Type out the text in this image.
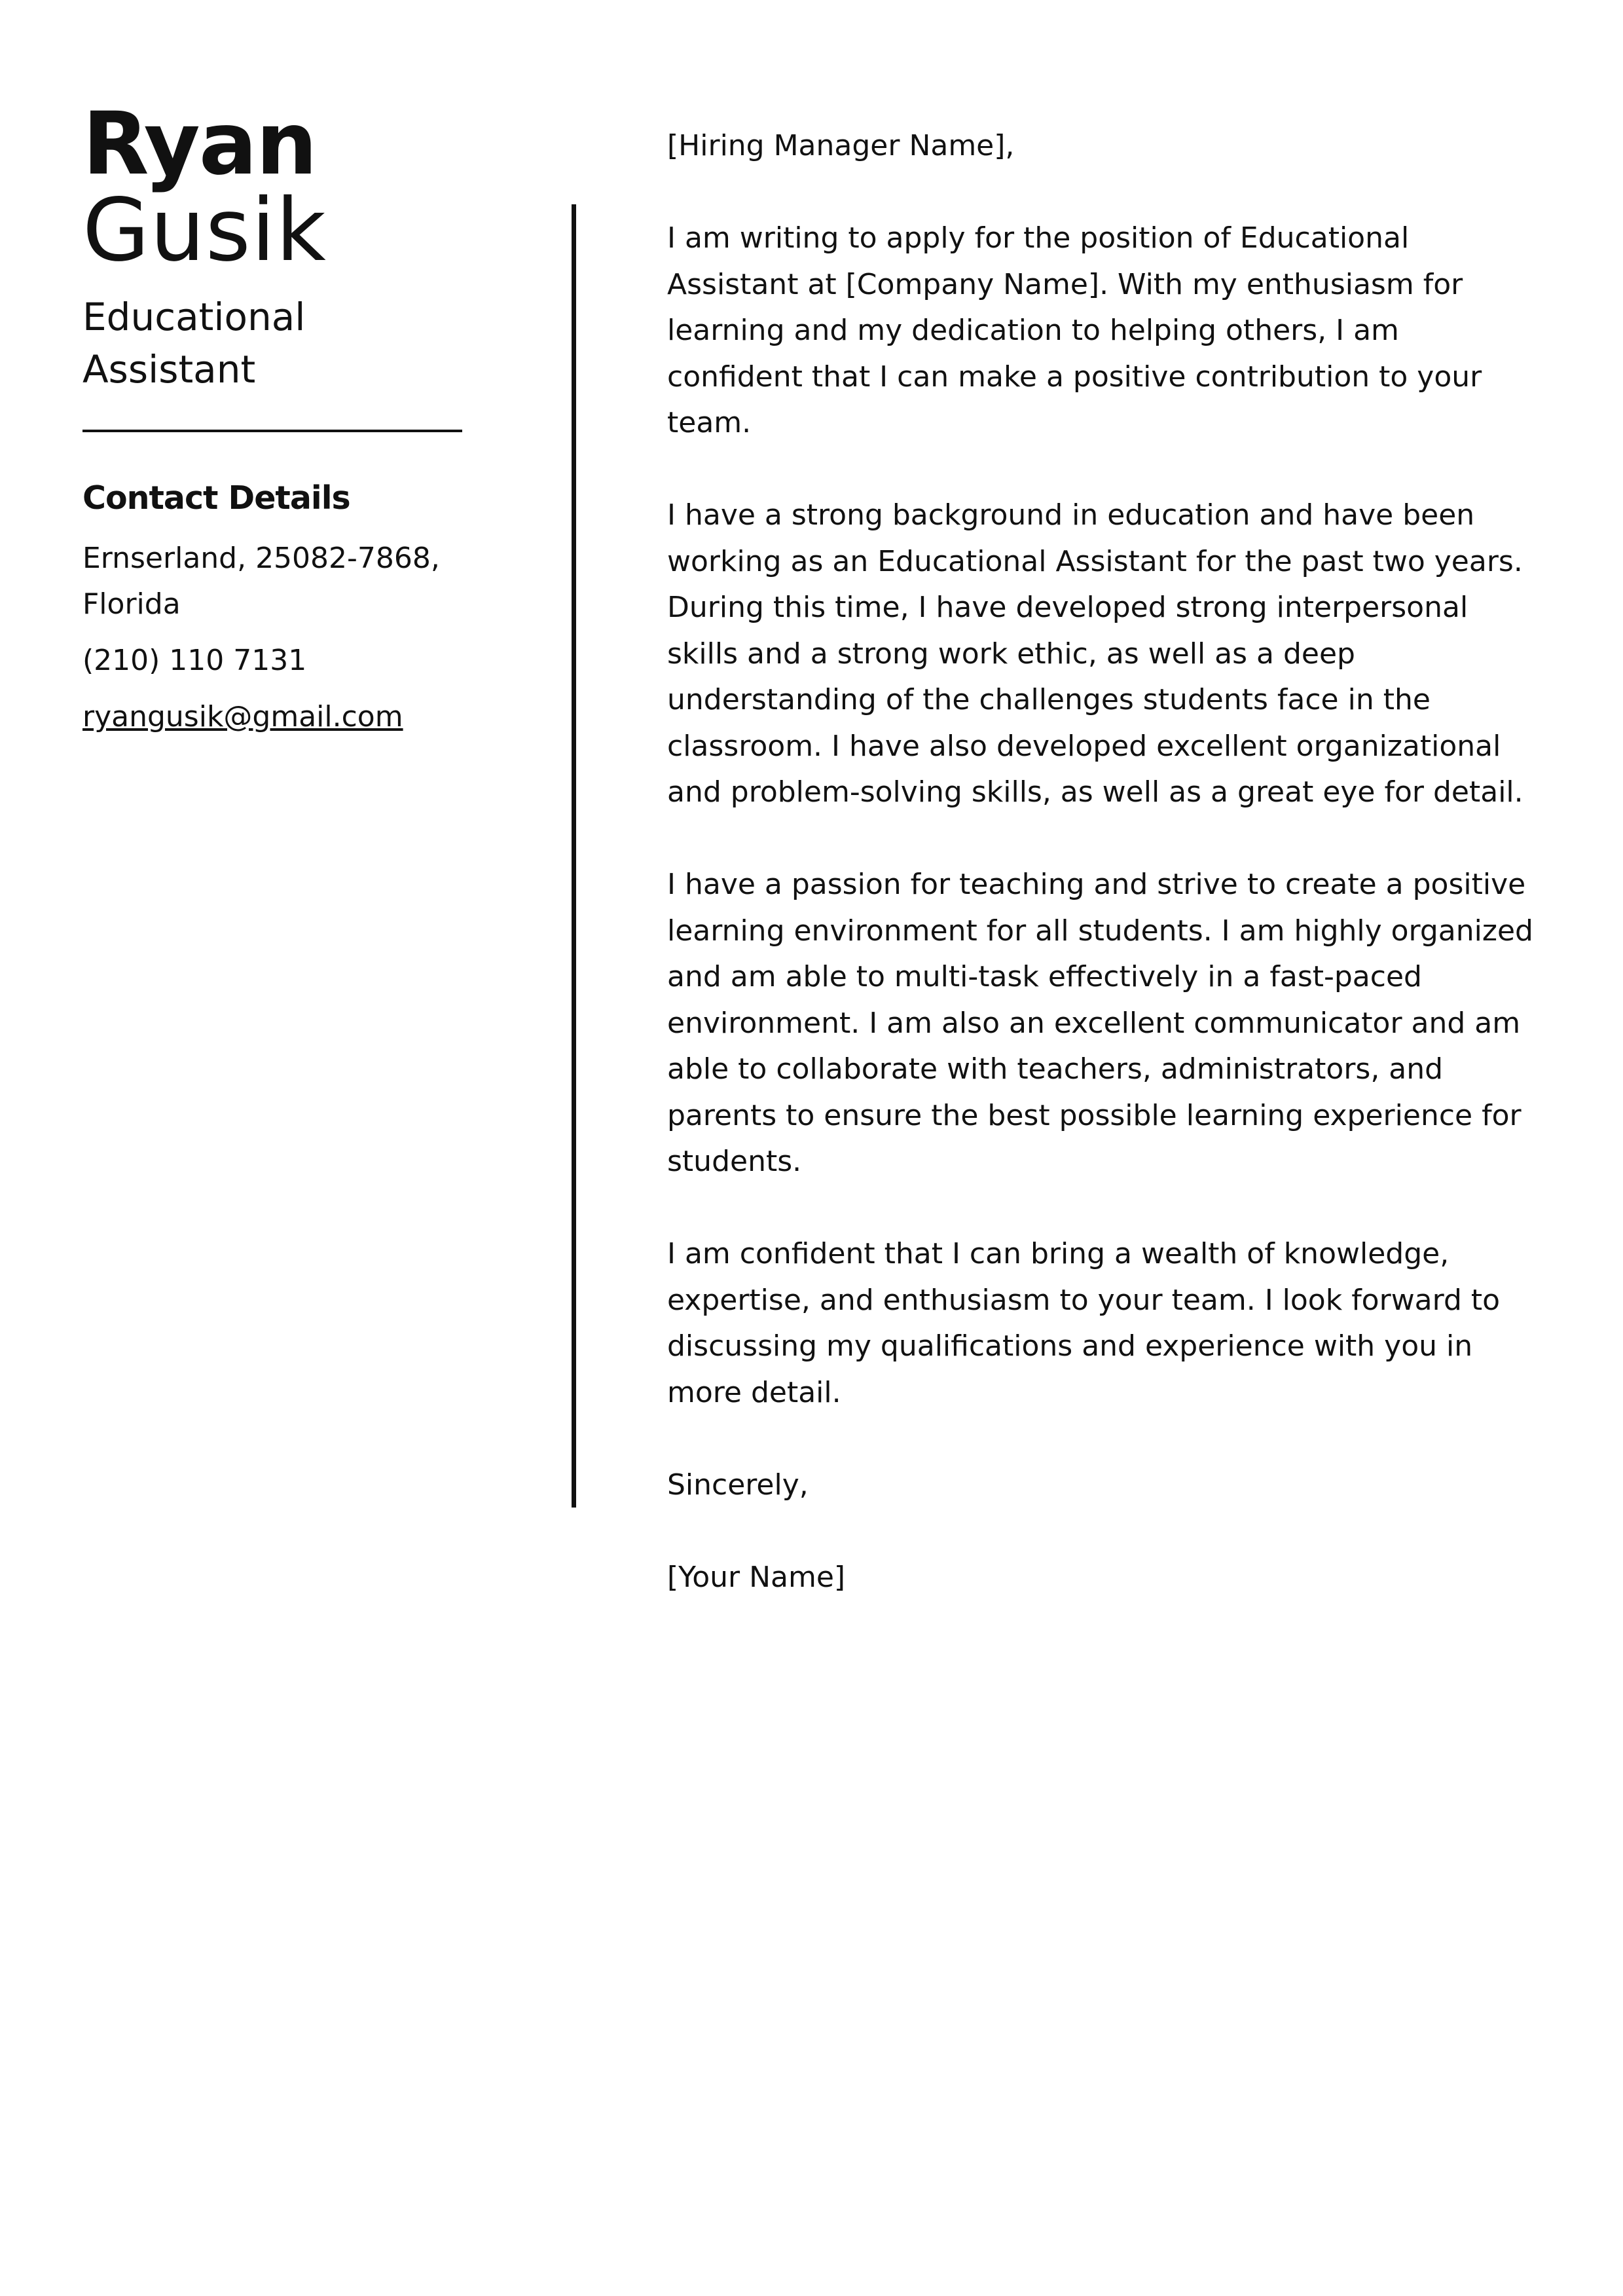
Ryan
Gusik
Educational Assistant
Contact Details
Ernserland, 25082-7868, Florida
(210) 110 7131
ryangusik@gmail.com

[Hiring Manager Name],

I am writing to apply for the position of Educational Assistant at [Company Name]. With my enthusiasm for learning and my dedication to helping others, I am confident that I can make a positive contribution to your team.

I have a strong background in education and have been working as an Educational Assistant for the past two years. During this time, I have developed strong interpersonal skills and a strong work ethic, as well as a deep understanding of the challenges students face in the classroom. I have also developed excellent organizational and problem-solving skills, as well as a great eye for detail.

I have a passion for teaching and strive to create a positive learning environment for all students. I am highly organized and am able to multi-task effectively in a fast-paced environment. I am also an excellent communicator and am able to collaborate with teachers, administrators, and parents to ensure the best possible learning experience for students.

I am confident that I can bring a wealth of knowledge, expertise, and enthusiasm to your team. I look forward to discussing my qualifications and experience with you in more detail.

Sincerely,

[Your Name]
